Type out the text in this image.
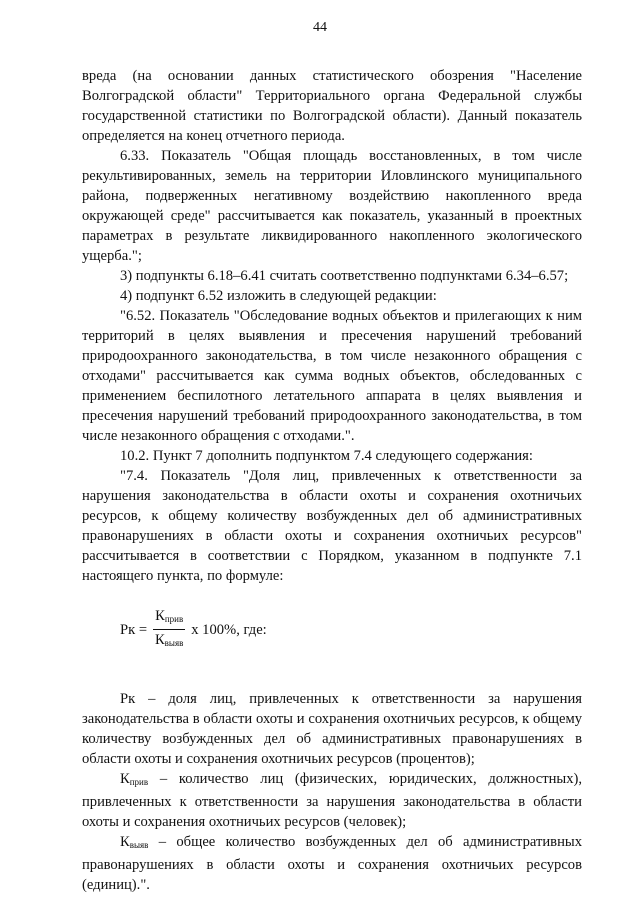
44

вреда (на основании данных статистического обозрения "Население Волгоградской области" Территориального органа Федеральной службы государственной статистики по Волгоградской области). Данный показатель определяется на конец отчетного периода.

6.33. Показатель "Общая площадь восстановленных, в том числе рекультивированных, земель на территории Иловлинского муниципального района, подверженных негативному воздействию накопленного вреда окружающей среде" рассчитывается как показатель, указанный в проектных параметрах в результате ликвидированного накопленного экологического ущерба.";

3) подпункты 6.18–6.41 считать соответственно подпунктами 6.34–6.57;

4) подпункт 6.52 изложить в следующей редакции:

"6.52. Показатель "Обследование водных объектов и прилегающих к ним территорий в целях выявления и пресечения нарушений требований природоохранного законодательства, в том числе незаконного обращения с отходами" рассчитывается как сумма водных объектов, обследованных с применением беспилотного летательного аппарата в целях выявления и пресечения нарушений требований природоохранного законодательства, в том числе незаконного обращения с отходами.".

10.2. Пункт 7 дополнить подпунктом 7.4 следующего содержания:

"7.4. Показатель "Доля лиц, привлеченных к ответственности за нарушения законодательства в области охоты и сохранения охотничьих ресурсов, к общему количеству возбужденных дел об административных правонарушениях в области охоты и сохранения охотничьих ресурсов" рассчитывается в соответствии с Порядком, указанном в подпункте 7.1 настоящего пункта, по формуле:

Рк = $\frac{К_{прив}}{К_{выяв}}$ х 100%, где:

Рк – доля лиц, привлеченных к ответственности за нарушения законодательства в области охоты и сохранения охотничьих ресурсов, к общему количеству возбужденных дел об административных правонарушениях в области охоты и сохранения охотничьих ресурсов (процентов);

$К_{прив}$ – количество лиц (физических, юридических, должностных), привлеченных к ответственности за нарушения законодательства в области охоты и сохранения охотничьих ресурсов (человек);

$К_{выяв}$ – общее количество возбужденных дел об административных правонарушениях в области охоты и сохранения охотничьих ресурсов (единиц).".
